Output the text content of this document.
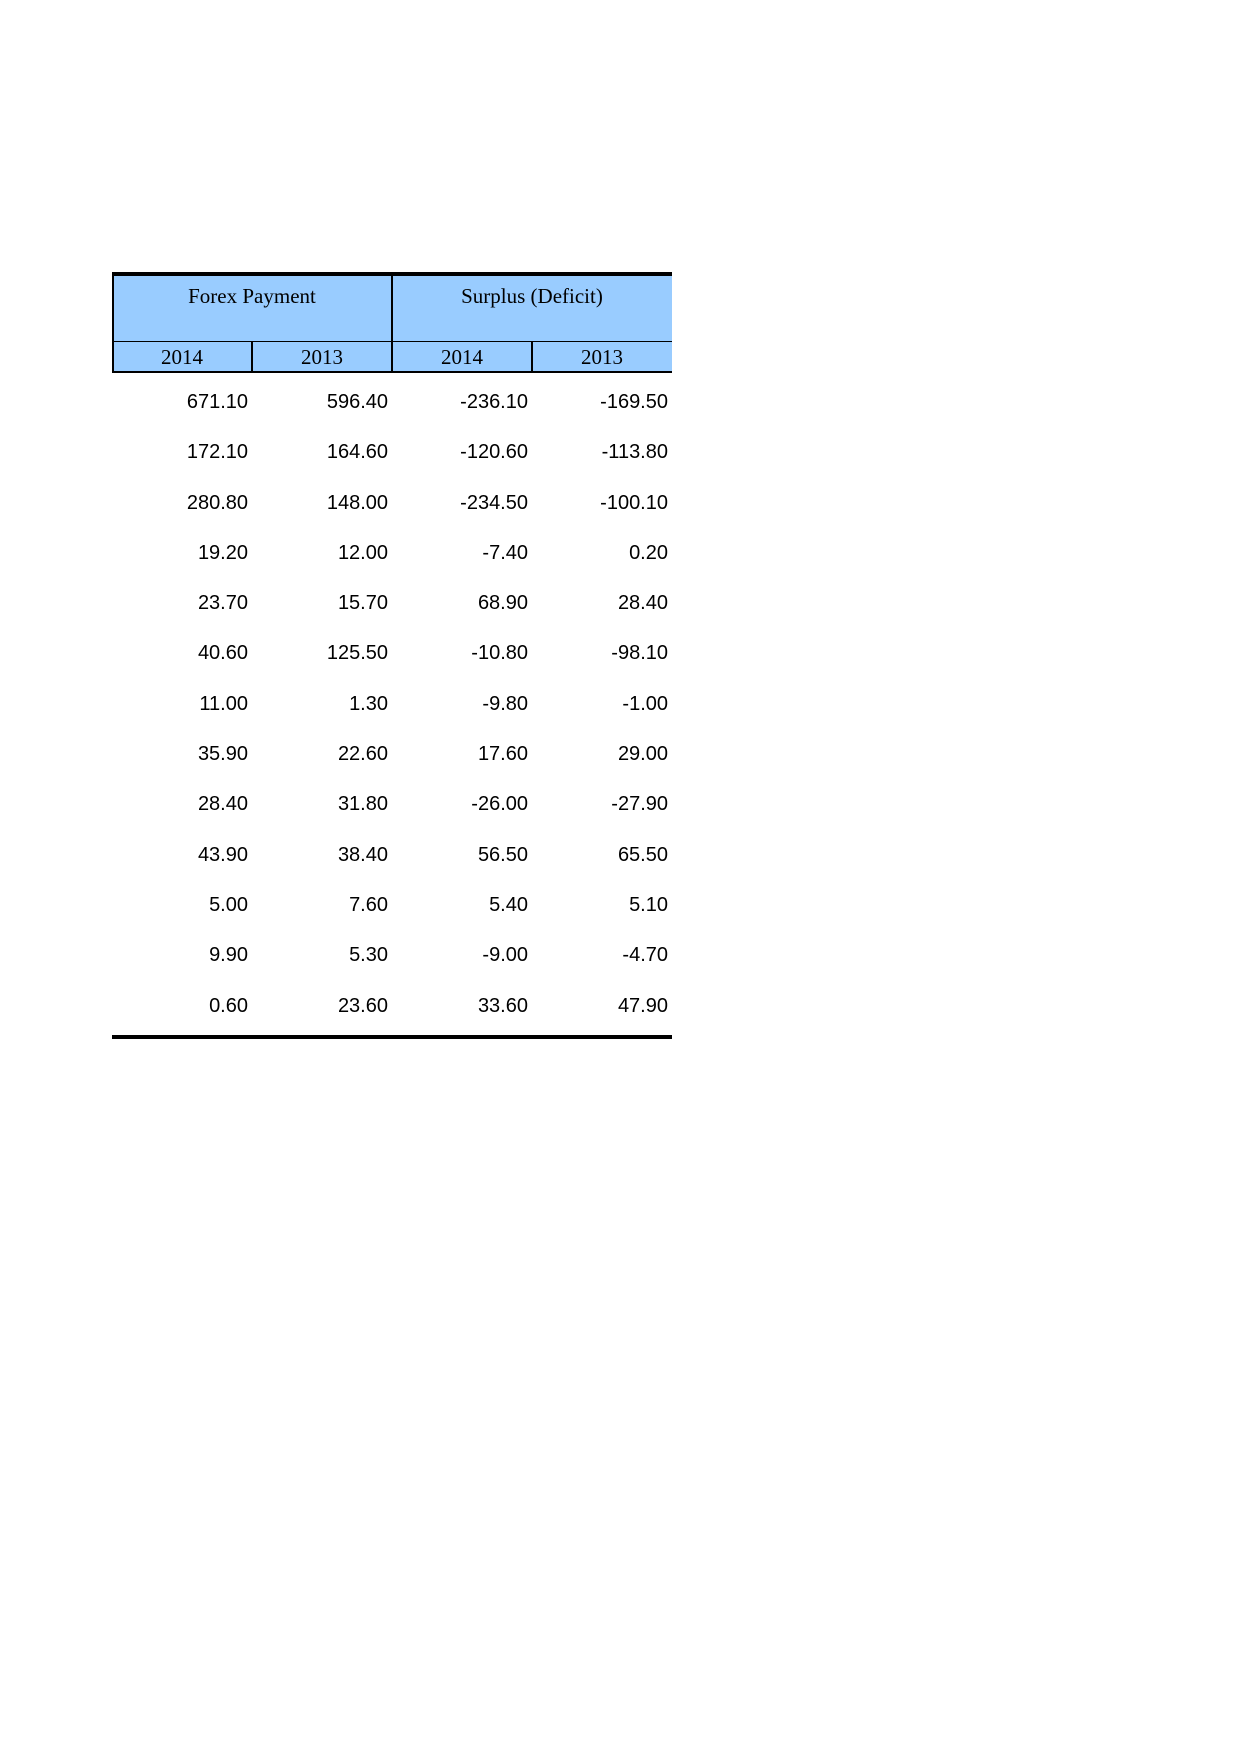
Forex Payment	Surplus (Deficit)
2014	2013	2014	2013
671.10	596.40	-236.10	-169.50
172.10	164.60	-120.60	-113.80
280.80	148.00	-234.50	-100.10
19.20	12.00	-7.40	0.20
23.70	15.70	68.90	28.40
40.60	125.50	-10.80	-98.10
11.00	1.30	-9.80	-1.00
35.90	22.60	17.60	29.00
28.40	31.80	-26.00	-27.90
43.90	38.40	56.50	65.50
5.00	7.60	5.40	5.10
9.90	5.30	-9.00	-4.70
0.60	23.60	33.60	47.90
